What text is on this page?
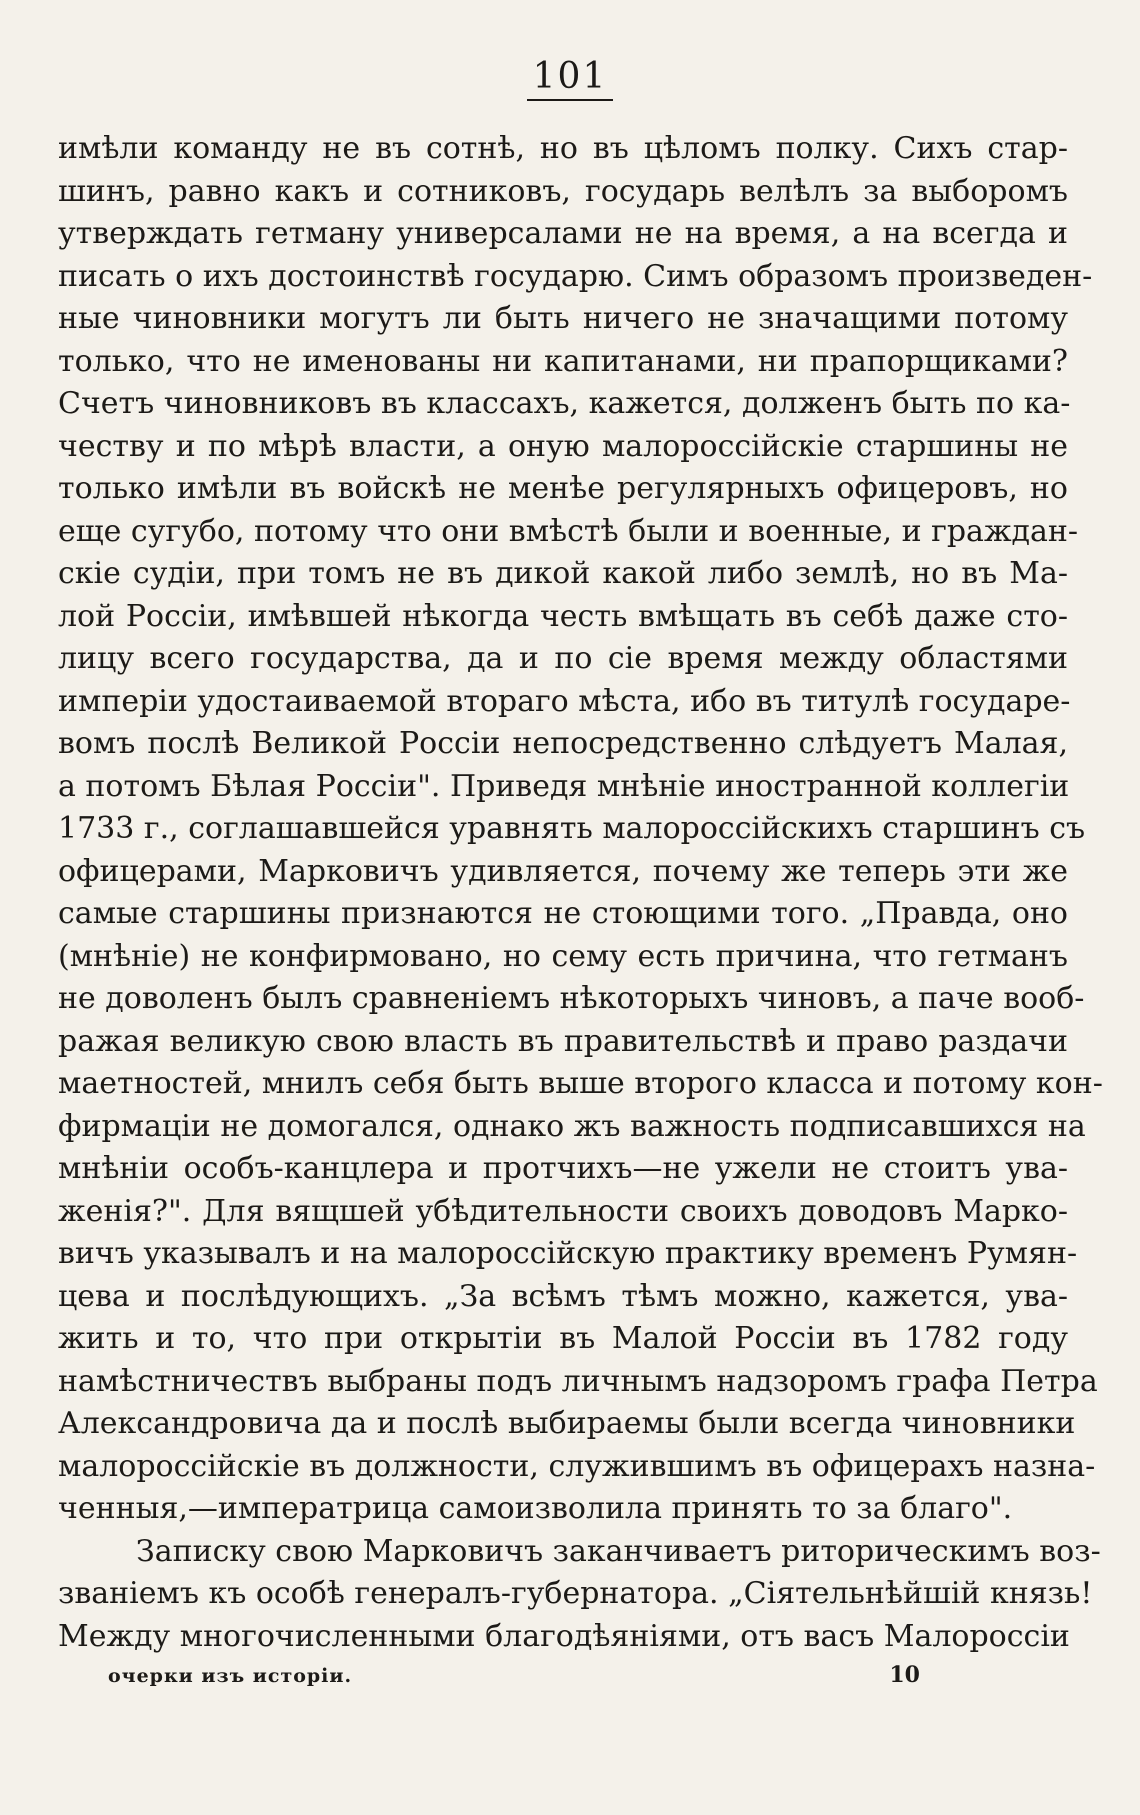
101
имѣли команду не въ сотнѣ, но въ цѣломъ полку. Сихъ стар-
шинъ, равно какъ и сотниковъ, государь велѣлъ за выборомъ
утверждать гетману универсалами не на время, а на всегда и
писать о ихъ достоинствѣ государю. Симъ образомъ произведен-
ные чиновники могутъ ли быть ничего не значащими потому
только, что не именованы ни капитанами, ни прапорщиками?
Счетъ чиновниковъ въ классахъ, кажется, долженъ быть по ка-
честву и по мѣрѣ власти, а оную малороссійскіе старшины не
только имѣли въ войскѣ не менѣе регулярныхъ офицеровъ, но
еще сугубо, потому что они вмѣстѣ были и военные, и граждан-
скіе судіи, при томъ не въ дикой какой либо землѣ, но въ Ма-
лой Россіи, имѣвшей нѣкогда честь вмѣщать въ себѣ даже сто-
лицу всего государства, да и по сіе время между областями
имперіи удостаиваемой втораго мѣста, ибо въ титулѣ государе-
вомъ послѣ Великой Россіи непосредственно слѣдуетъ Малая,
а потомъ Бѣлая Россіи". Приведя мнѣніе иностранной коллегіи
1733 г., соглашавшейся уравнять малороссійскихъ старшинъ съ
офицерами, Марковичъ удивляется, почему же теперь эти же
самые старшины признаются не стоющими того. „Правда, оно
(мнѣніе) не конфирмовано, но сему есть причина, что гетманъ
не доволенъ былъ сравненіемъ нѣкоторыхъ чиновъ, а паче вооб-
ражая великую свою власть въ правительствѣ и право раздачи
маетностей, мнилъ себя быть выше второго класса и потому кон-
фирмаціи не домогался, однако жъ важность подписавшихся на
мнѣніи особъ-канцлера и протчихъ—не ужели не стоитъ ува-
женія?". Для вящшей убѣдительности своихъ доводовъ Марко-
вичъ указывалъ и на малороссійскую практику временъ Румян-
цева и послѣдующихъ. „За всѣмъ тѣмъ можно, кажется, ува-
жить и то, что при открытіи въ Малой Россіи въ 1782 году
намѣстничествъ выбраны подъ личнымъ надзоромъ графа Петра
Александровича да и послѣ выбираемы были всегда чиновники
малороссійскіе въ должности, служившимъ въ офицерахъ назна-
ченныя,—императрица самоизволила принять то за благо".
Записку свою Марковичъ заканчиваетъ риторическимъ воз-
званіемъ къ особѣ генералъ-губернатора. „Сіятельнѣйшій князь!
Между многочисленными благодѣяніями, отъ васъ Малороссіи
очерки изъ исторіи.	10
